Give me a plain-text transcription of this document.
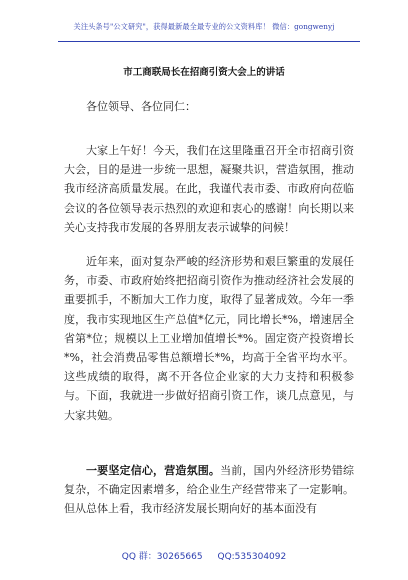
关注头条号"公文研究"，获得最新最全最专业的公文资料库！ 微信：gongwenyj
市工商联局长在招商引资大会上的讲话
各位领导、各位同仁：
大家上午好！今天，我们在这里隆重召开全市招商引资大会，目的是进一步统一思想，凝聚共识，营造氛围，推动我市经济高质量发展。在此，我谨代表市委、市政府向莅临会议的各位领导表示热烈的欢迎和衷心的感谢！向长期以来关心支持我市发展的各界朋友表示诚挚的问候！
近年来，面对复杂严峻的经济形势和艰巨繁重的发展任务，市委、市政府始终把招商引资作为推动经济社会发展的重要抓手，不断加大工作力度，取得了显著成效。今年一季度，我市实现地区生产总值*亿元，同比增长*%，增速居全省第*位；规模以上工业增加值增长*%。固定资产投资增长*%，社会消费品零售总额增长*%，均高于全省平均水平。这些成绩的取得，离不开各位企业家的大力支持和积极参与。下面，我就进一步做好招商引资工作，谈几点意见，与大家共勉。
一要坚定信心，营造氛围。当前，国内外经济形势错综复杂，不确定因素增多，给企业生产经营带来了一定影响。但从总体上看，我市经济发展长期向好的基本面没有
QQ 群：30265665 QQ:535304092
